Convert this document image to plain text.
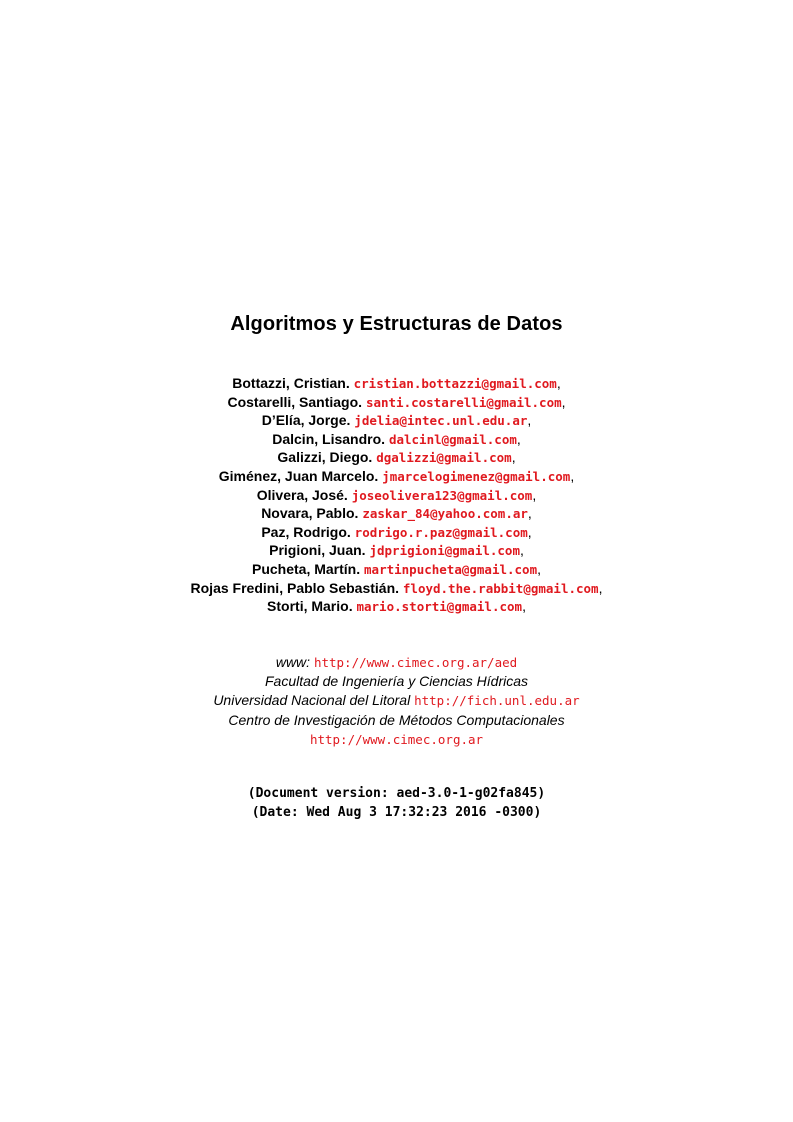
Algoritmos y Estructuras de Datos
Bottazzi, Cristian. cristian.bottazzi@gmail.com,
Costarelli, Santiago. santi.costarelli@gmail.com,
D’Elía, Jorge. jdelia@intec.unl.edu.ar,
Dalcin, Lisandro. dalcinl@gmail.com,
Galizzi, Diego. dgalizzi@gmail.com,
Giménez, Juan Marcelo. jmarcelogimenez@gmail.com,
Olivera, José. joseolivera123@gmail.com,
Novara, Pablo. zaskar_84@yahoo.com.ar,
Paz, Rodrigo. rodrigo.r.paz@gmail.com,
Prigioni, Juan. jdprigioni@gmail.com,
Pucheta, Martín. martinpucheta@gmail.com,
Rojas Fredini, Pablo Sebastián. floyd.the.rabbit@gmail.com,
Storti, Mario. mario.storti@gmail.com,
www: http://www.cimec.org.ar/aed
Facultad de Ingeniería y Ciencias Hídricas
Universidad Nacional del Litoral http://fich.unl.edu.ar
Centro de Investigación de Métodos Computacionales
http://www.cimec.org.ar
(Document version: aed-3.0-1-g02fa845)
(Date: Wed Aug 3 17:32:23 2016 -0300)
